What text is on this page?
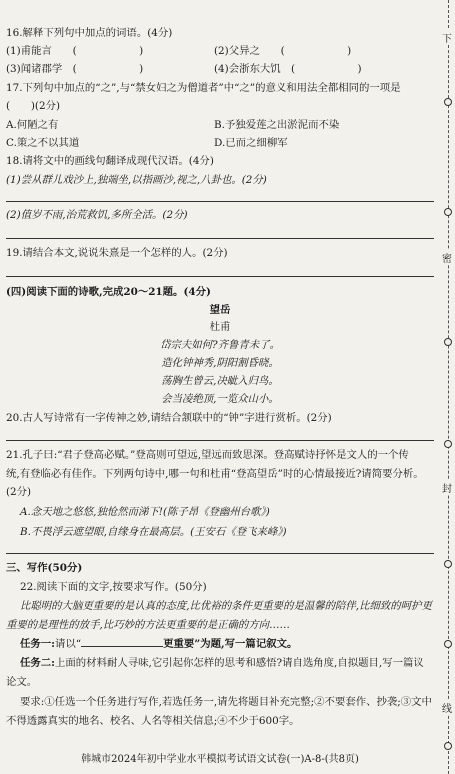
16.解释下列句中加点的词语。(4分)
(1)甫能言　　(　　　　　　)	(2)父异之　　(　　　　　　)
(3)闻诸郡学　(　　　　　　)	(4)会浙东大饥　(　　　　　　)
17.下列句中加点的“之”,与“禁女妇之为僧道者”中“之”的意义和用法全都相同的一项是
(　　)(2分)
A.何陋之有	B.予独爱莲之出淤泥而不染
C.策之不以其道	D.已而之细柳军
18.请将文中的画线句翻译成现代汉语。(4分)
(1)尝从群儿戏沙上,独端坐,以指画沙,视之,八卦也。(2分)
(2)值岁不雨,治荒救饥,多所全活。(2分)
19.请结合本文,说说朱熹是一个怎样的人。(2分)
(四)阅读下面的诗歌,完成20～21题。(4分)
望岳
杜甫
岱宗夫如何?齐鲁青未了。
造化钟神秀,阴阳割昏晓。
荡胸生曾云,决眦入归鸟。
会当凌绝顶,一览众山小。
20.古人写诗常有一字传神之妙,请结合颔联中的“钟”字进行赏析。(2分)
21.孔子曰:“君子登高必赋。”登高则可望远,望远而致思深。登高赋诗抒怀是文人的一个传
统,有登临必有佳作。下列两句诗中,哪一句和杜甫“登高望岳”时的心情最接近?请简要分析。
(2分)
A.念天地之悠悠,独怆然而涕下!(陈子昂《登幽州台歌》)
B.不畏浮云遮望眼,自缘身在最高层。(王安石《登飞来峰》)
三、写作(50分)
22.阅读下面的文字,按要求写作。(50分)
比聪明的大脑更重要的是认真的态度,比优裕的条件更重要的是温馨的陪伴,比细致的呵护更
重要的是理性的放手,比巧妙的方法更重要的是正确的方向……
任务一:请以“	更重要”为题,写一篇记叙文。
任务二:上面的材料耐人寻味,它引起你怎样的思考和感悟?请自选角度,自拟题目,写一篇议
论文。
要求:①任选一个任务进行写作,若选任务一,请先将题目补充完整;②不要套作、抄袭;③文中
不得透露真实的地名、校名、人名等相关信息;④不少于600字。
韩城市2024年初中学业水平模拟考试语文试卷(一)A-8-(共8页)
下
密
封
线
